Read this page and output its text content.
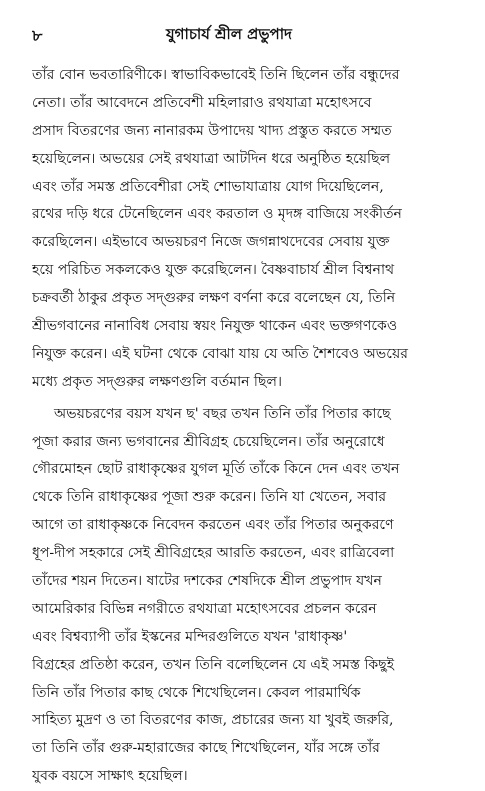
৮	যুগাচার্য শ্রীল প্রভুপাদ
তাঁর বোন ভবতারিণীকে। স্বাভাবিকভাবেই তিনি ছিলেন তাঁর বন্ধুদের
নেতা। তাঁর আবেদনে প্রতিবেশী মহিলারাও রথযাত্রা মহোৎসবে
প্রসাদ বিতরণের জন্য নানারকম উপাদেয় খাদ্য প্রস্তুত করতে সম্মত
হয়েছিলেন। অভয়ের সেই রথযাত্রা আটদিন ধরে অনুষ্ঠিত হয়েছিল
এবং তাঁর সমস্ত প্রতিবেশীরা সেই শোভাযাত্রায় যোগ দিয়েছিলেন,
রথের দড়ি ধরে টেনেছিলেন এবং করতাল ও মৃদঙ্গ বাজিয়ে সংকীর্তন
করেছিলেন। এইভাবে অভয়চরণ নিজে জগন্নাথদেবের সেবায় যুক্ত
হয়ে পরিচিত সকলকেও যুক্ত করেছিলেন। বৈষ্ণবাচার্য শ্রীল বিশ্বনাথ
চক্রবর্তী ঠাকুর প্রকৃত সদ্গুরুর লক্ষণ বর্ণনা করে বলেছেন যে, তিনি
শ্রীভগবানের নানাবিধ সেবায় স্বয়ং নিযুক্ত থাকেন এবং ভক্তগণকেও
নিযুক্ত করেন। এই ঘটনা থেকে বোঝা যায় যে অতি শৈশবেও অভয়ের
মধ্যে প্রকৃত সদ্গুরুর লক্ষণগুলি বর্তমান ছিল।
অভয়চরণের বয়স যখন ছ' বছর তখন তিনি তাঁর পিতার কাছে
পূজা করার জন্য ভগবানের শ্রীবিগ্রহ চেয়েছিলেন। তাঁর অনুরোধে
গৌরমোহন ছোট রাধাকৃষ্ণের যুগল মূর্তি তাঁকে কিনে দেন এবং তখন
থেকে তিনি রাধাকৃষ্ণের পূজা শুরু করেন। তিনি যা খেতেন, সবার
আগে তা রাধাকৃষ্ণকে নিবেদন করতেন এবং তাঁর পিতার অনুকরণে
ধূপ-দীপ সহকারে সেই শ্রীবিগ্রহের আরতি করতেন, এবং রাত্রিবেলা
তাঁদের শয়ন দিতেন। ষাটের দশকের শেষদিকে শ্রীল প্রভুপাদ যখন
আমেরিকার বিভিন্ন নগরীতে রথযাত্রা মহোৎসবের প্রচলন করেন
এবং বিশ্বব্যাপী তাঁর ইস্কনের মন্দিরগুলিতে যখন 'রাধাকৃষ্ণ'
বিগ্রহের প্রতিষ্ঠা করেন, তখন তিনি বলেছিলেন যে এই সমস্ত কিছুই
তিনি তাঁর পিতার কাছ থেকে শিখেছিলেন। কেবল পারমার্থিক
সাহিত্য মুদ্রণ ও তা বিতরণের কাজ, প্রচারের জন্য যা খুবই জরুরি,
তা তিনি তাঁর গুরু-মহারাজের কাছে শিখেছিলেন, যাঁর সঙ্গে তাঁর
যুবক বয়সে সাক্ষাৎ হয়েছিল।
